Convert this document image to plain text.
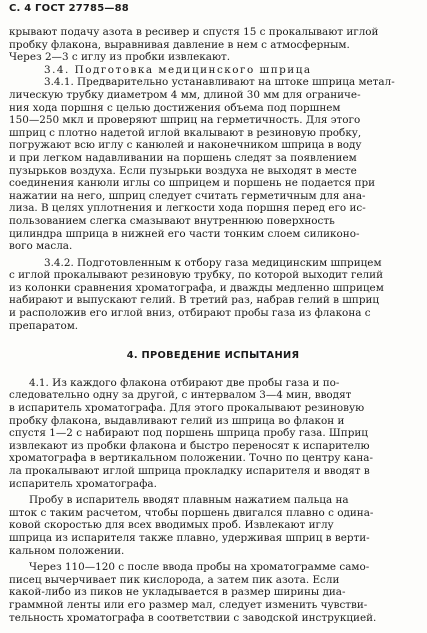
С. 4 ГОСТ 27785—88
крывают подачу азота в ресивер и спустя 15 с прокалывают иглой
пробку флакона, выравнивая давление в нем с атмосферным.
Через 2—3 с иглу из пробки извлекают.
3.4. Подготовка медицинского шприца
3.4.1. Предварительно устанавливают на штоке шприца метал-
лическую трубку диаметром 4 мм, длиной 30 мм для ограниче-
ния хода поршня с целью достижения объема под поршнем
150—250 мкл и проверяют шприц на герметичность. Для этого
шприц с плотно надетой иглой вкалывают в резиновую пробку,
погружают всю иглу с канюлей и наконечником шприца в воду
и при легком надавливании на поршень следят за появлением
пузырьков воздуха. Если пузырьки воздуха не выходят в месте
соединения канюли иглы со шприцем и поршень не подается при
нажатии на него, шприц следует считать герметичным для ана-
лиза. В целях уплотнения и легкости хода поршня перед его ис-
пользованием слегка смазывают внутреннюю поверхность
цилиндра шприца в нижней его части тонким слоем силиконо-
вого масла.
3.4.2. Подготовленным к отбору газа медицинским шприцем
с иглой прокалывают резиновую трубку, по которой выходит гелий
из колонки сравнения хроматографа, и дважды медленно шприцем
набирают и выпускают гелий. В третий раз, набрав гелий в шприц
и расположив его иглой вниз, отбирают пробы газа из флакона с
препаратом.
4. ПРОВЕДЕНИЕ ИСПЫТАНИЯ
4.1. Из каждого флакона отбирают две пробы газа и по-
следовательно одну за другой, с интервалом 3—4 мин, вводят
в испаритель хроматографа. Для этого прокалывают резиновую
пробку флакона, выдавливают гелий из шприца во флакон и
спустя 1—2 с набирают под поршень шприца пробу газа. Шприц
извлекают из пробки флакона и быстро переносят к испарителю
хроматографа в вертикальном положении. Точно по центру кана-
ла прокалывают иглой шприца прокладку испарителя и вводят в
испаритель хроматографа.
Пробу в испаритель вводят плавным нажатием пальца на
шток с таким расчетом, чтобы поршень двигался плавно с одина-
ковой скоростью для всех вводимых проб. Извлекают иглу
шприца из испарителя также плавно, удерживая шприц в верти-
кальном положении.
Через 110—120 с после ввода пробы на хроматограмме само-
писец вычерчивает пик кислорода, а затем пик азота. Если
какой-либо из пиков не укладывается в размер ширины диа-
граммной ленты или его размер мал, следует изменить чувстви-
тельность хроматографа в соответствии с заводской инструкцией.
